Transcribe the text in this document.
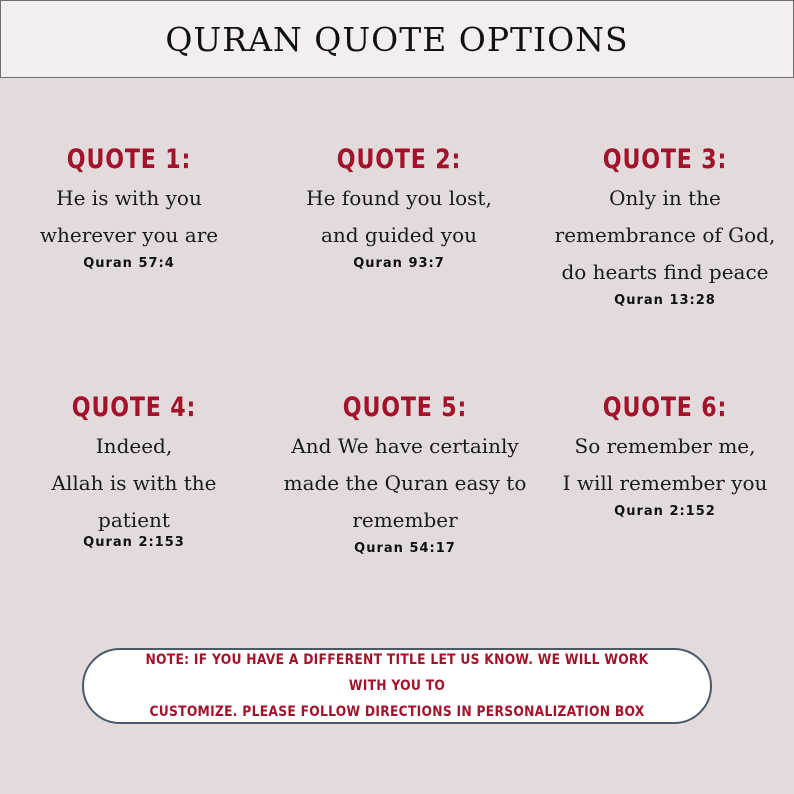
QURAN QUOTE OPTIONS
QUOTE 1:
He is with you
wherever you are
Quran 57:4
QUOTE 2:
He found you lost,
and guided you
Quran 93:7
QUOTE 3:
Only in the
remembrance of God,
do hearts find peace
Quran 13:28
QUOTE 4:
Indeed,
Allah is with the
patient
Quran 2:153
QUOTE 5:
And We have certainly
made the Quran easy to
remember
Quran 54:17
QUOTE 6:
So remember me,
I will remember you
Quran 2:152
NOTE: IF YOU HAVE A DIFFERENT TITLE LET US KNOW. WE WILL WORK WITH YOU TO
CUSTOMIZE. PLEASE FOLLOW DIRECTIONS IN PERSONALIZATION BOX
